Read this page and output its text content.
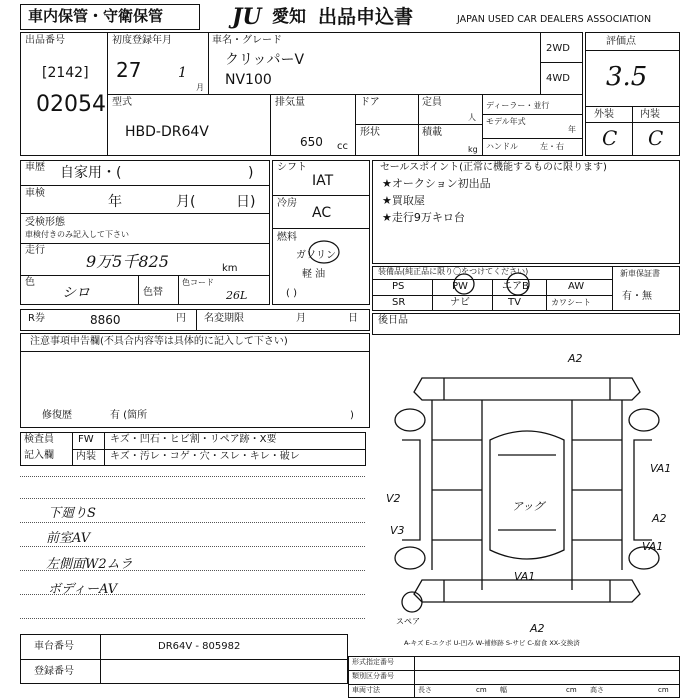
車内保管・守衛保管	JU 愛知 出品申込書	JAPAN USED CAR DEALERS ASSOCIATION
出品番号
[2142]
02054
初度登録年月
27	1
月
車名・グレード
クリッパーV
NV100
2WD
4WD
型式
HBD-DR64V
排気量
650 cc
ドア	定員
人
形状	積載
kg
ディーラー・並行
モデル年式
年
ハンドル	左・右
評価点
3.5
外装	内装
C C
車歴 自家用・(	)
車検
年	月(	日)
受検形態
車検付きのみ記入して下さい
走行
9万5千825	km
色
シロ	色替
色コード
26L
シフト
IAT
冷房
AC
燃料
ガソリン
軽 油
( )
セールスポイント(正常に機能するものに限ります)
★オークション初出品
★買取屋
★走行9万キロ台
装備品(純正品に限り〇をつけてください)
PS	PW	エアB	AW
SR	ナビ	TV	カワシート
新車保証書
有・無
R券	8860	円 名変期限	月	日 後日品
注意事項申告欄(不具合内容等は具体的に記入して下さい)
修復歴	有 (箇所	)
検査員
記入欄
FW キズ・凹石・ヒビ割・リペア跡・X要
内装 キズ・汚レ・コゲ・穴・スレ・キレ・破レ
下廻りS
前室AV
左側面W2ムラ
ボディーAV
A2
A2
VA1
VA1
V2
V3
VA1
A2
アッグ
スペア
A-キズ E-エクボ U-凹み W-補修跡 S-サビ C-腐食 XX-交換済
車台番号	DR64V - 805982
登録番号
形式指定番号
類別区分番号
車両寸法	長さ	cm 幅	cm 高さ	cm
